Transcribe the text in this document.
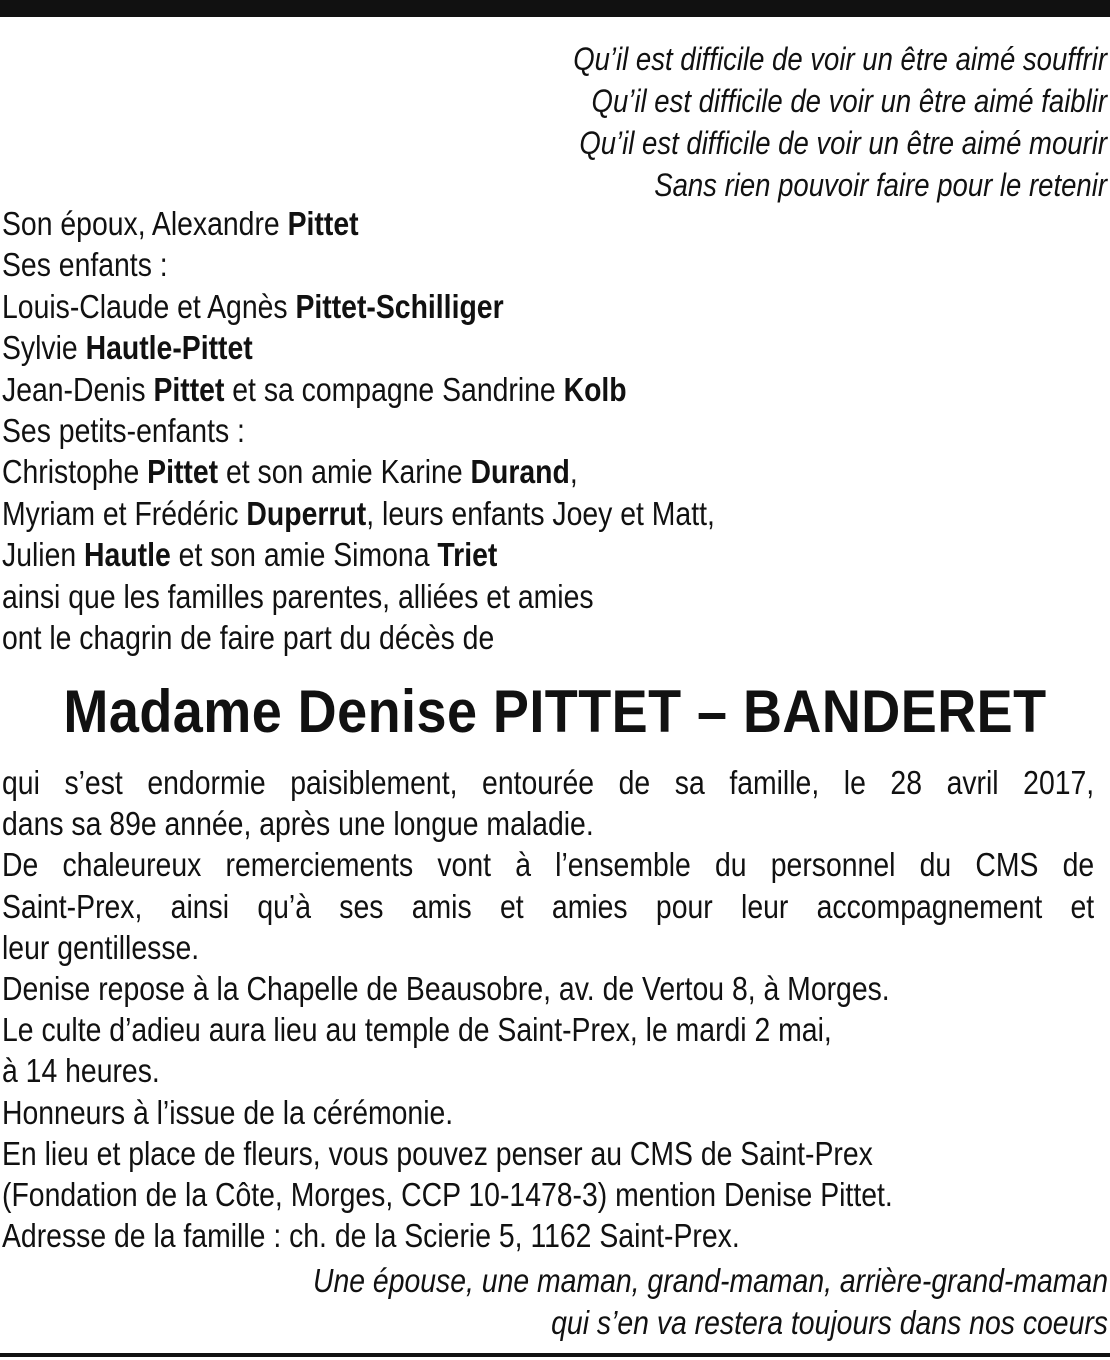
Qu’il est difficile de voir un être aimé souffrir
Qu’il est difficile de voir un être aimé faiblir
Qu’il est difficile de voir un être aimé mourir
Sans rien pouvoir faire pour le retenir
Son époux, Alexandre Pittet
Ses enfants :
Louis-Claude et Agnès Pittet-Schilliger
Sylvie Hautle-Pittet
Jean-Denis Pittet et sa compagne Sandrine Kolb
Ses petits-enfants :
Christophe Pittet et son amie Karine Durand,
Myriam et Frédéric Duperrut, leurs enfants Joey et Matt,
Julien Hautle et son amie Simona Triet
ainsi que les familles parentes, alliées et amies
ont le chagrin de faire part du décès de
Madame Denise PITTET – BANDERET
qui s’est endormie paisiblement, entourée de sa famille, le 28 avril 2017,
dans sa 89e année, après une longue maladie.
De chaleureux remerciements vont à l’ensemble du personnel du CMS de
Saint-Prex, ainsi qu’à ses amis et amies pour leur accompagnement et
leur gentillesse.
Denise repose à la Chapelle de Beausobre, av. de Vertou 8, à Morges.
Le culte d’adieu aura lieu au temple de Saint-Prex, le mardi 2 mai,
à 14 heures.
Honneurs à l’issue de la cérémonie.
En lieu et place de fleurs, vous pouvez penser au CMS de Saint-Prex
(Fondation de la Côte, Morges, CCP 10-1478-3) mention Denise Pittet.
Adresse de la famille : ch. de la Scierie 5, 1162 Saint-Prex.
Une épouse, une maman, grand-maman, arrière-grand-maman
qui s’en va restera toujours dans nos coeurs
